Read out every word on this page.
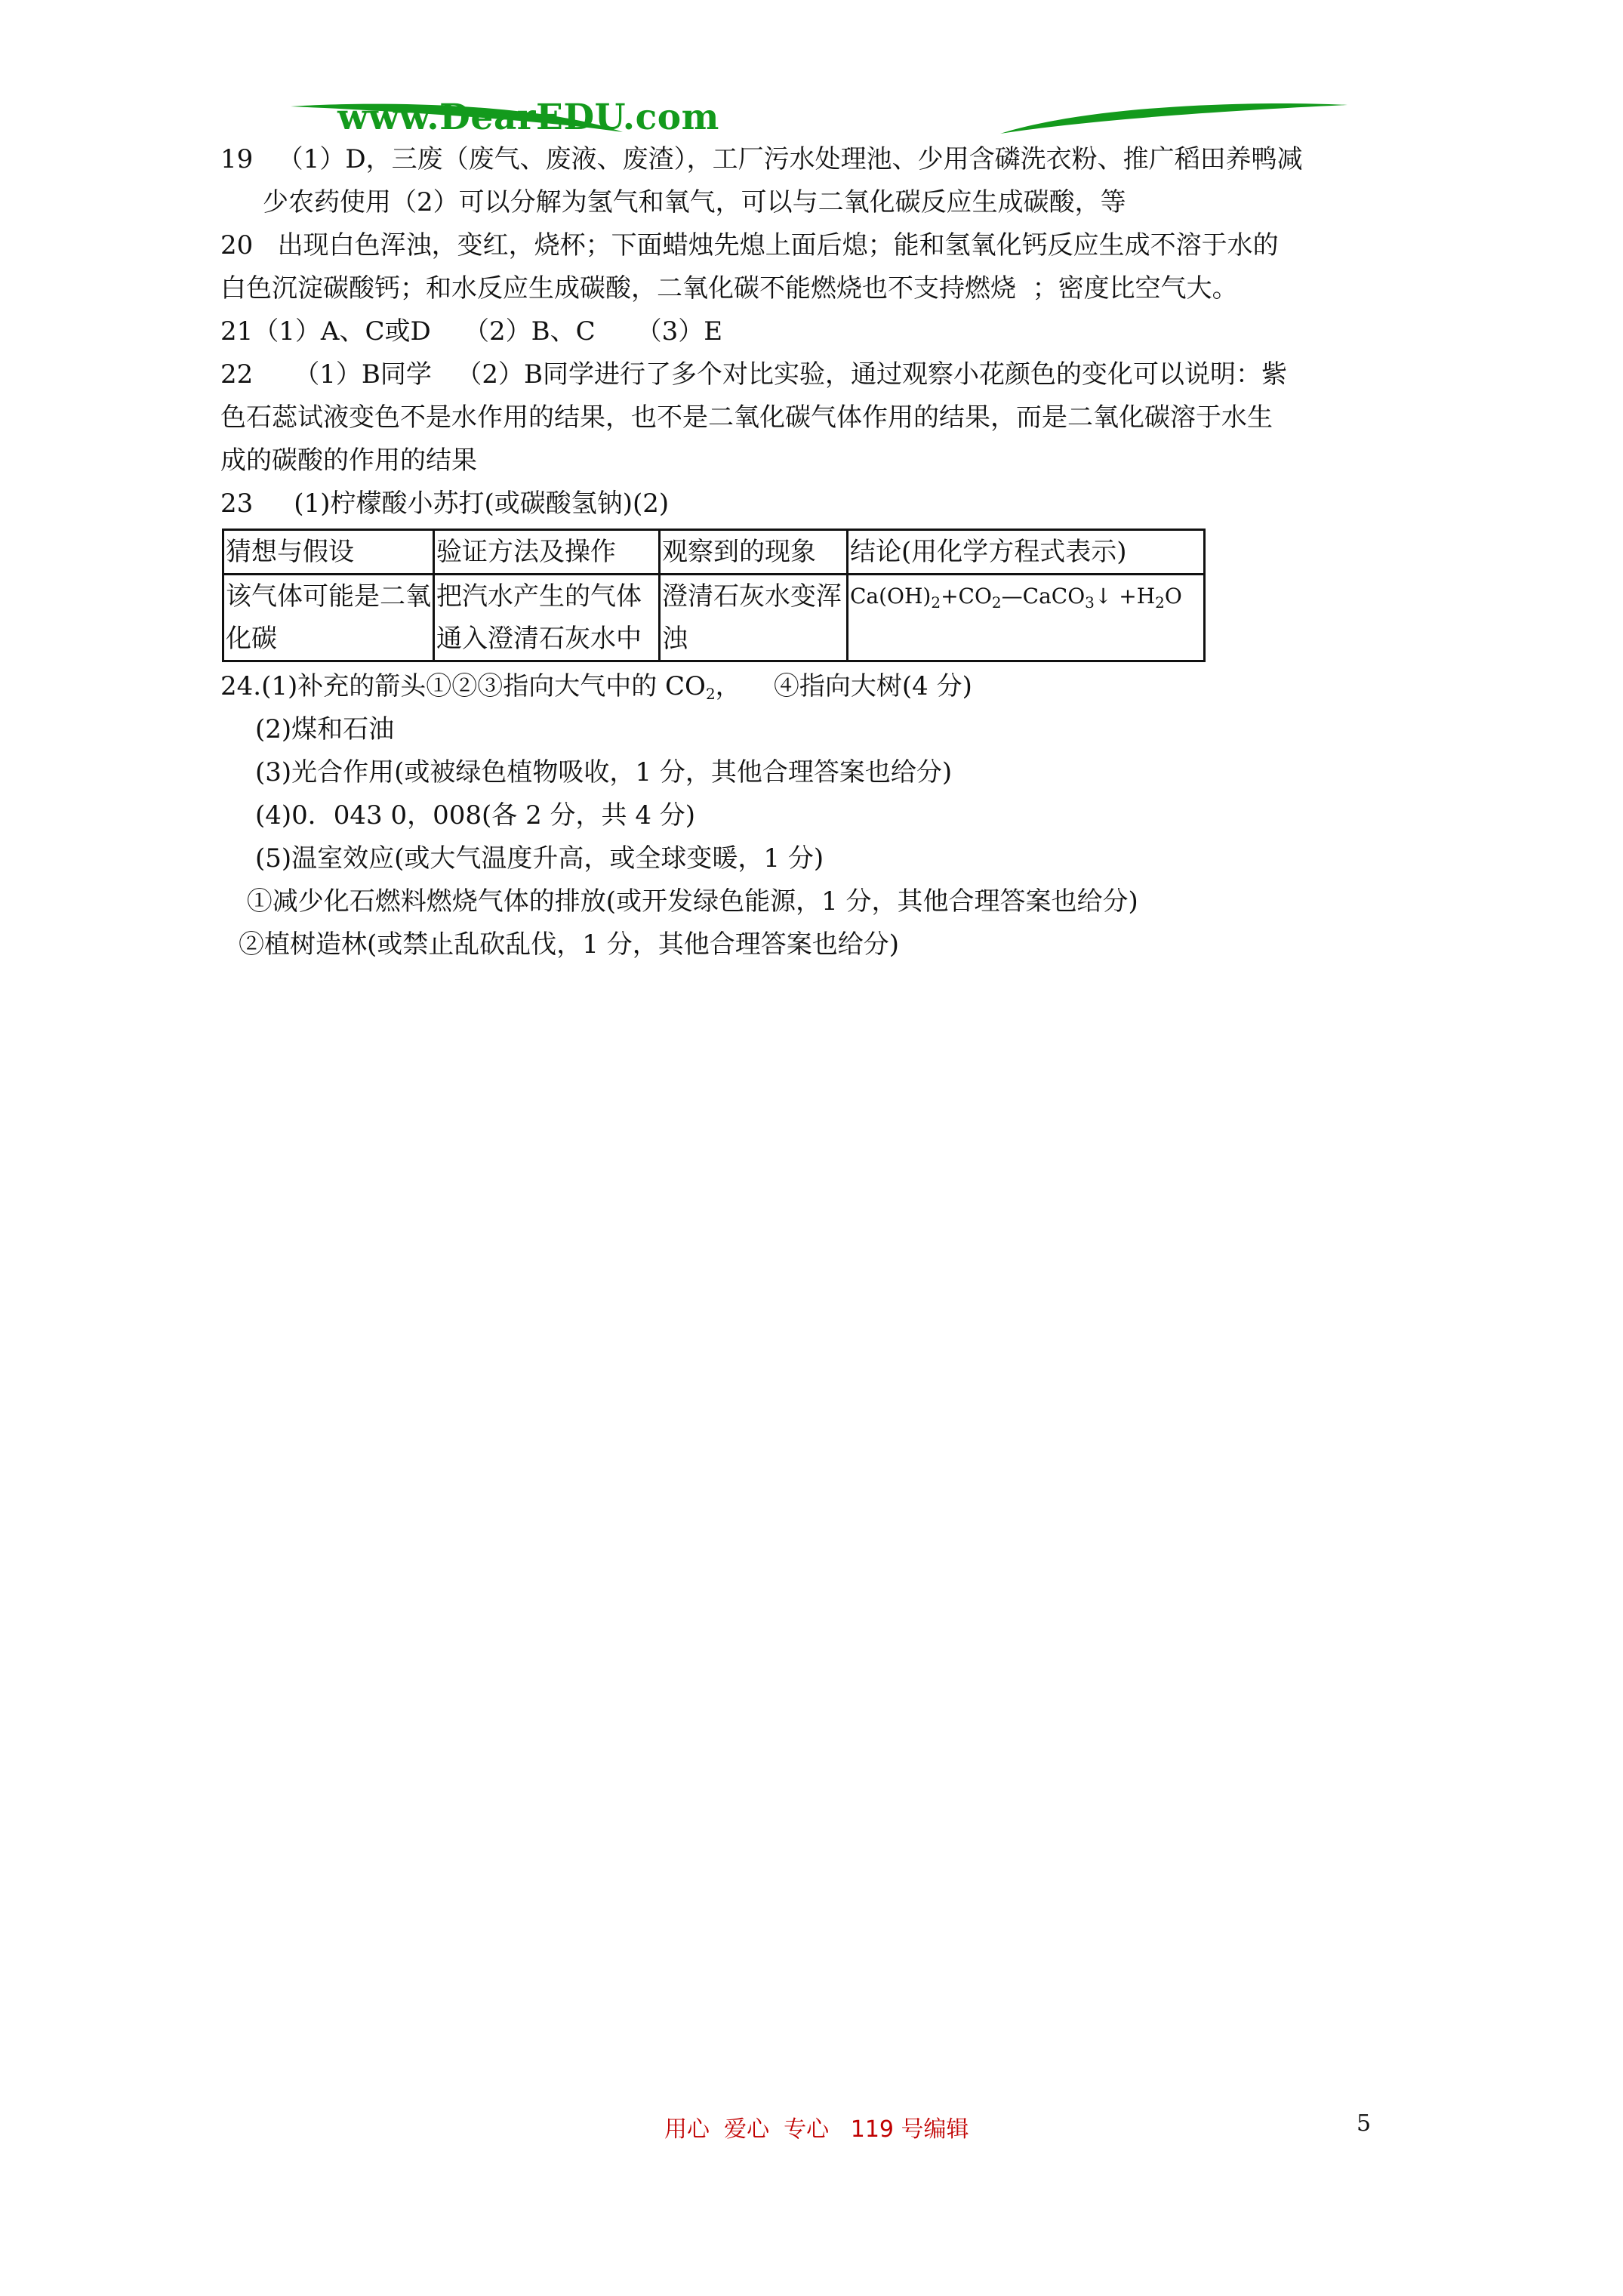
www.DearEDU.com
19   （1）D，三废（废气、废液、废渣），工厂污水处理池、少用含磷洗衣粉、推广稻田养鸭减
少农药使用（2）可以分解为氢气和氧气，可以与二氧化碳反应生成碳酸，等
20   出现白色浑浊，变红，烧杯；下面蜡烛先熄上面后熄；能和氢氧化钙反应生成不溶于水的
白色沉淀碳酸钙；和水反应生成碳酸，二氧化碳不能燃烧也不支持燃烧  ；密度比空气大。
21（1）A、C或D    （2）B、C     （3）E
22     （1）B同学   （2）B同学进行了多个对比实验，通过观察小花颜色的变化可以说明：紫
色石蕊试液变色不是水作用的结果，也不是二氧化碳气体作用的结果，而是二氧化碳溶于水生
成的碳酸的作用的结果
23     (1)柠檬酸小苏打(或碳酸氢钠)(2)
猜想与假设	验证方法及操作	观察到的现象	结论(用化学方程式表示)
该气体可能是二氧化碳	把汽水产生的气体通入澄清石灰水中	澄清石灰水变浑浊	$Ca(OH)_2+CO_2—CaCO_3↓ +H_2O$
24.(1)补充的箭头①②③指向大气中的 $CO_2$，    ④指向大树(4 分)
(2)煤和石油
(3)光合作用(或被绿色植物吸收，1 分，其他合理答案也给分)
(4)0．043 0，008(各 2 分，共 4 分)
(5)温室效应(或大气温度升高，或全球变暖，1 分)
①减少化石燃料燃烧气体的排放(或开发绿色能源，1 分，其他合理答案也给分)
②植树造林(或禁止乱砍乱伐，1 分，其他合理答案也给分)
用心  爱心  专心   119 号编辑	5
